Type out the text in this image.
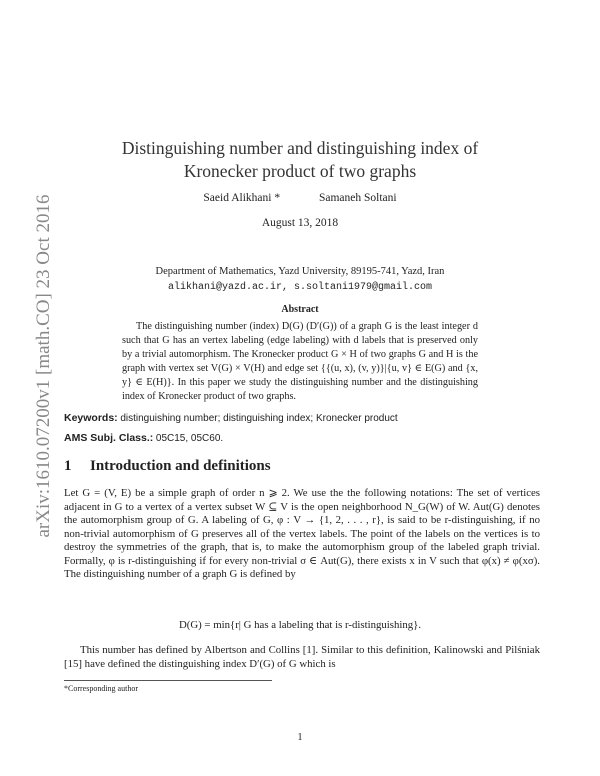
arXiv:1610.07200v1 [math.CO] 23 Oct 2016
Distinguishing number and distinguishing index of
Kronecker product of two graphs
Saeid Alikhani *	Samaneh Soltani
August 13, 2018
Department of Mathematics, Yazd University, 89195-741, Yazd, Iran
alikhani@yazd.ac.ir, s.soltani1979@gmail.com
Abstract
The distinguishing number (index) D(G) (D′(G)) of a graph G is the least integer d such that G has an vertex labeling (edge labeling) with d labels that is preserved only by a trivial automorphism. The Kronecker product G × H of two graphs G and H is the graph with vertex set V(G) × V(H) and edge set {{(u, x), (v, y)}|{u, v} ∈ E(G) and {x, y} ∈ E(H)}. In this paper we study the distinguishing number and the distinguishing index of Kronecker product of two graphs.
Keywords: distinguishing number; distinguishing index; Kronecker product
AMS Subj. Class.: 05C15, 05C60.
1 Introduction and definitions
Let G = (V, E) be a simple graph of order n ⩾ 2. We use the the following notations: The set of vertices adjacent in G to a vertex of a vertex subset W ⊆ V is the open neighborhood N_G(W) of W. Aut(G) denotes the automorphism group of G. A labeling of G, φ : V → {1, 2, . . . , r}, is said to be r-distinguishing, if no non-trivial automorphism of G preserves all of the vertex labels. The point of the labels on the vertices is to destroy the symmetries of the graph, that is, to make the automorphism group of the labeled graph trivial. Formally, φ is r-distinguishing if for every non-trivial σ ∈ Aut(G), there exists x in V such that φ(x) ≠ φ(xσ). The distinguishing number of a graph G is defined by
D(G) = min{r| G has a labeling that is r-distinguishing}.
This number has defined by Albertson and Collins [1]. Similar to this definition, Kalinowski and Pilśniak [15] have defined the distinguishing index D′(G) of G which is
*Corresponding author
1
